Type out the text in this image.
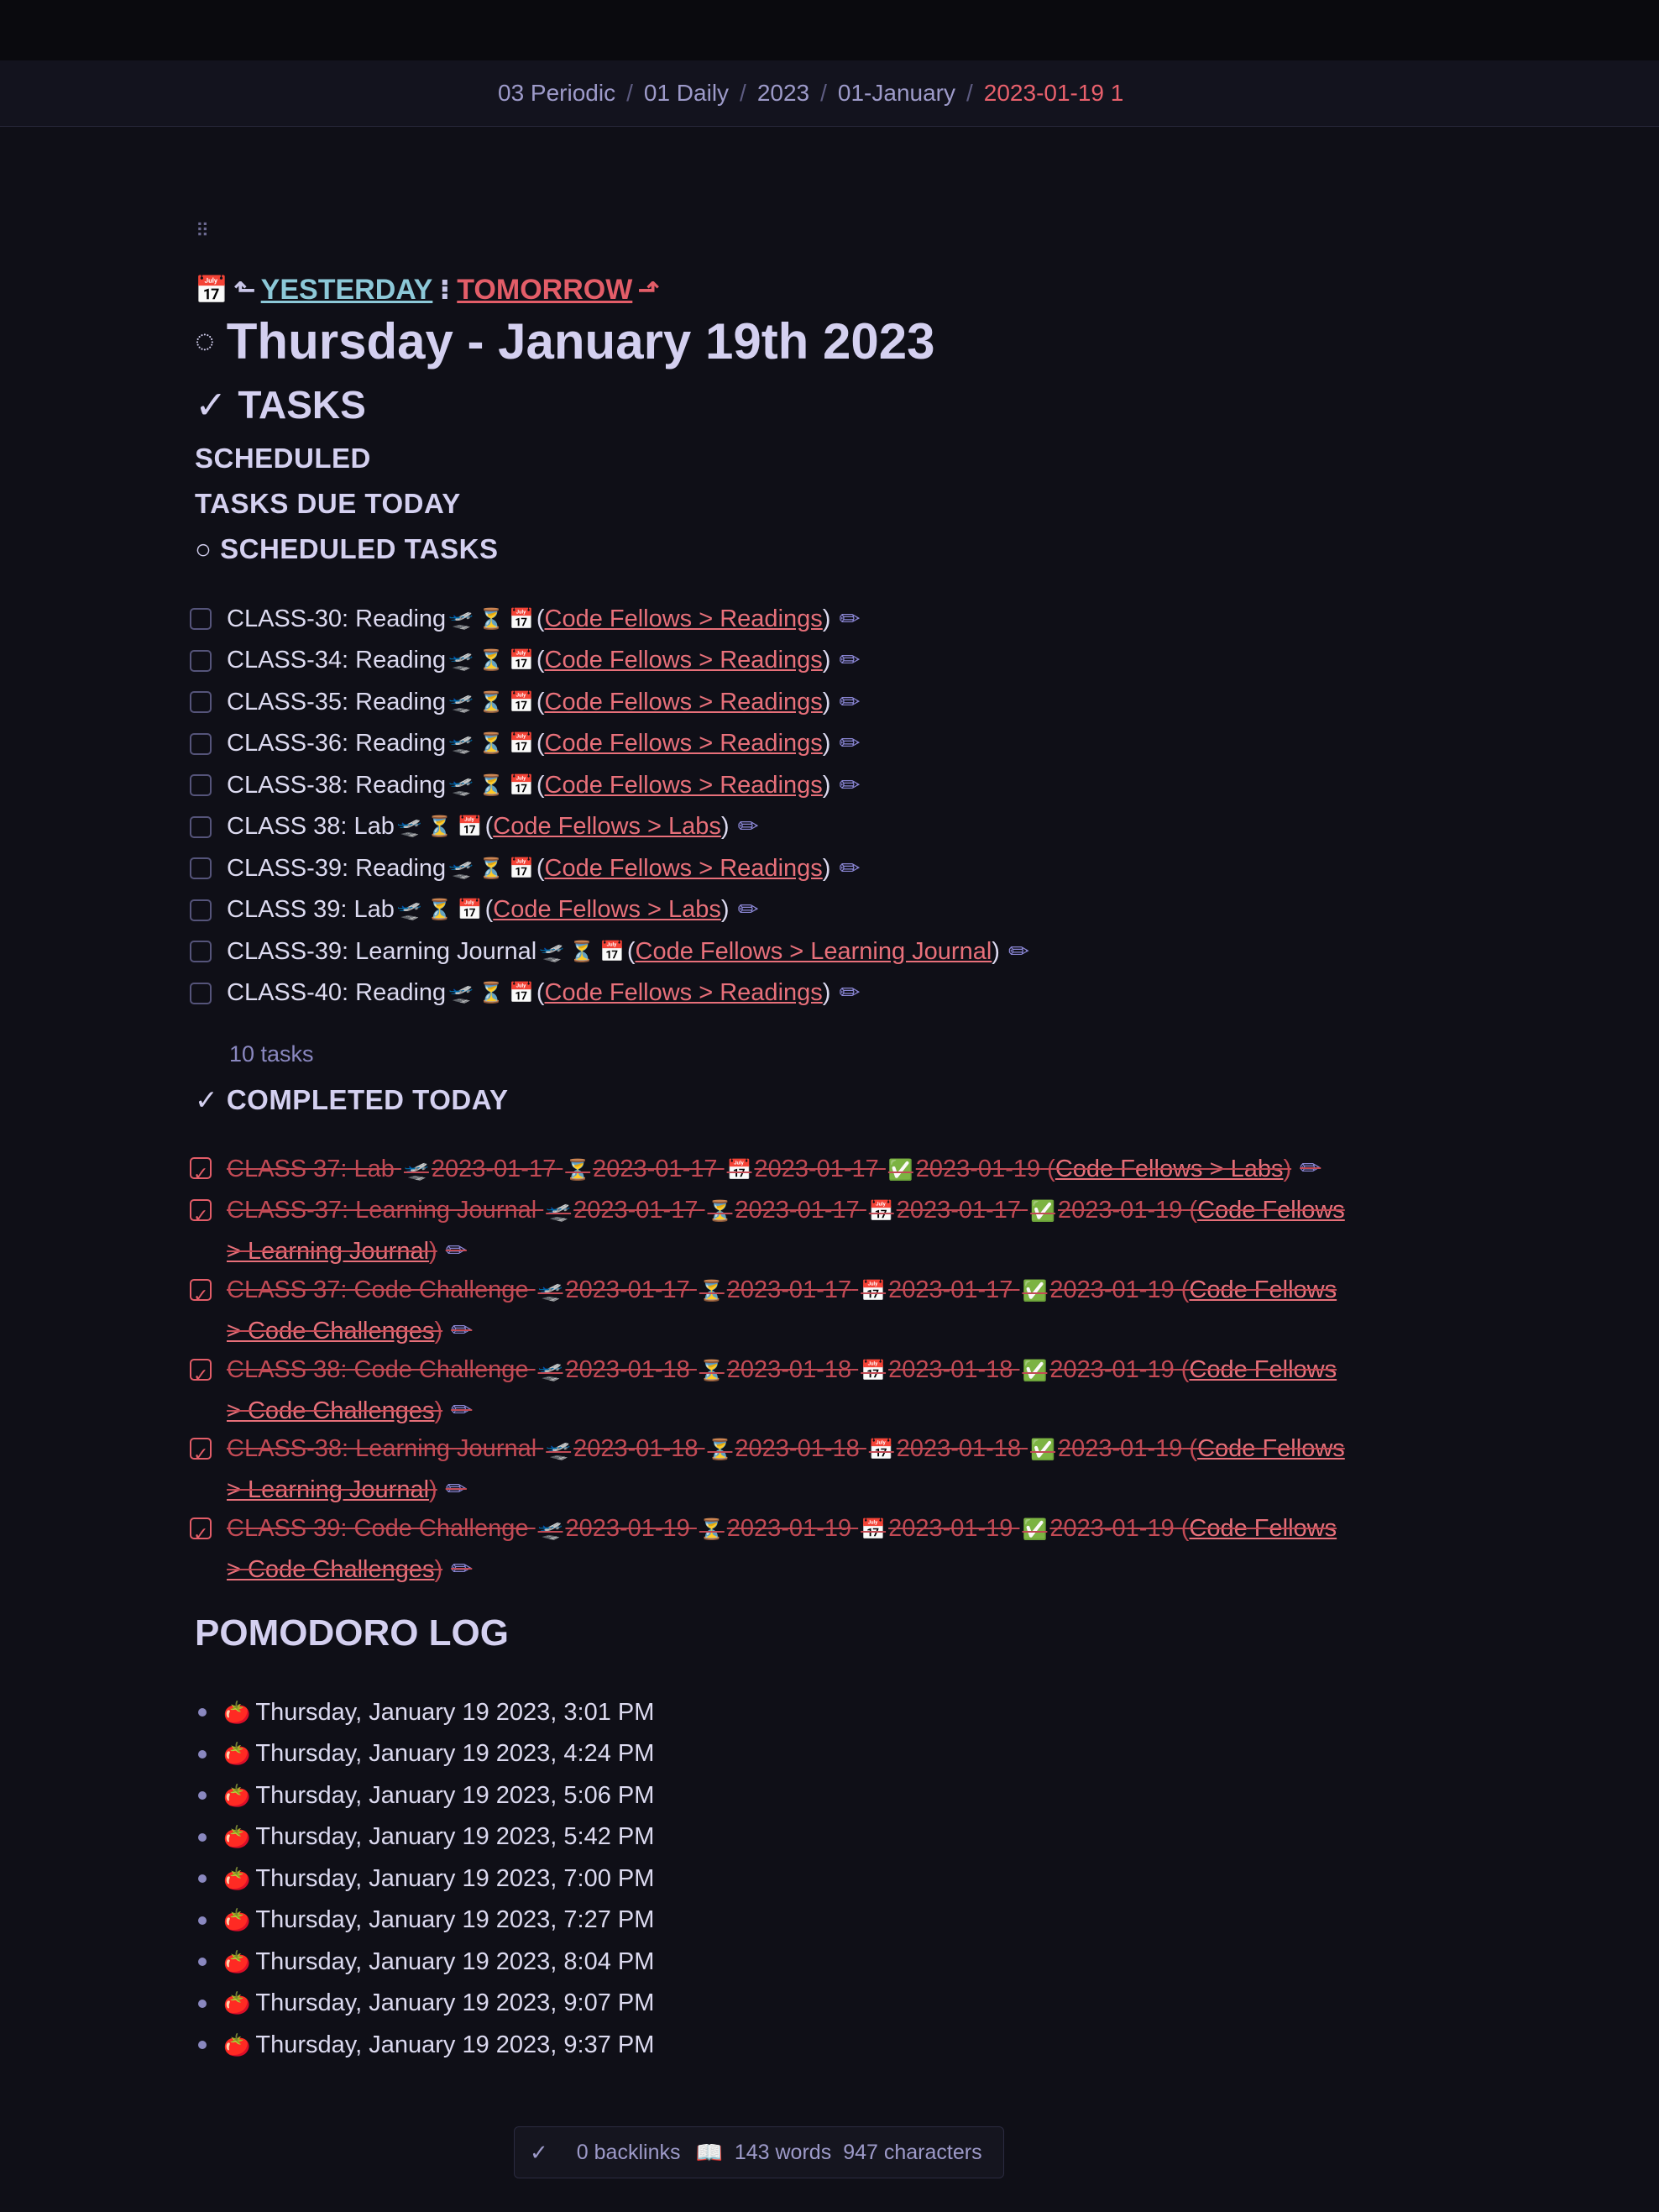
03 Periodic / 01 Daily / 2023 / 01-January / 2023-01-19 1
⠿
📅 ⬑ YESTERDAY ⁝ TOMORROW ⬏
◌ Thursday - January 19th 2023
✓ TASKS
SCHEDULED
TASKS DUE TODAY
○ SCHEDULED TASKS
CLASS-30: Reading 🛫 ⏳ 📅 ( Code Fellows > Readings ) ✏
CLASS-34: Reading 🛫 ⏳ 📅 ( Code Fellows > Readings ) ✏
CLASS-35: Reading 🛫 ⏳ 📅 ( Code Fellows > Readings ) ✏
CLASS-36: Reading 🛫 ⏳ 📅 ( Code Fellows > Readings ) ✏
CLASS-38: Reading 🛫 ⏳ 📅 ( Code Fellows > Readings ) ✏
CLASS 38: Lab 🛫 ⏳ 📅 ( Code Fellows > Labs ) ✏
CLASS-39: Reading 🛫 ⏳ 📅 ( Code Fellows > Readings ) ✏
CLASS 39: Lab 🛫 ⏳ 📅 ( Code Fellows > Labs ) ✏
CLASS-39: Learning Journal 🛫 ⏳ 📅 ( Code Fellows > Learning Journal ) ✏
CLASS-40: Reading 🛫 ⏳ 📅 ( Code Fellows > Readings ) ✏
10 tasks
✓ COMPLETED TODAY
✓
CLASS 37: Lab 🛫 2023-01-17 ⏳ 2023-01-17 📅 2023-01-17 ✅ 2023-01-19 (Code Fellows > Labs) ✏
✓
CLASS-37: Learning Journal 🛫 2023-01-17 ⏳ 2023-01-17 📅 2023-01-17 ✅ 2023-01-19 (Code Fellows > Learning Journal) ✏
✓
CLASS 37: Code Challenge 🛫 2023-01-17 ⏳ 2023-01-17 📅 2023-01-17 ✅ 2023-01-19 (Code Fellows > Code Challenges) ✏
✓
CLASS 38: Code Challenge 🛫 2023-01-18 ⏳ 2023-01-18 📅 2023-01-18 ✅ 2023-01-19 (Code Fellows > Code Challenges) ✏
✓
CLASS-38: Learning Journal 🛫 2023-01-18 ⏳ 2023-01-18 📅 2023-01-18 ✅ 2023-01-19 (Code Fellows > Learning Journal) ✏
✓
CLASS 39: Code Challenge 🛫 2023-01-19 ⏳ 2023-01-19 📅 2023-01-19 ✅ 2023-01-19 (Code Fellows > Code Challenges) ✏
POMODORO LOG
🍅 Thursday, January 19 2023, 3:01 PM
🍅 Thursday, January 19 2023, 4:24 PM
🍅 Thursday, January 19 2023, 5:06 PM
🍅 Thursday, January 19 2023, 5:42 PM
🍅 Thursday, January 19 2023, 7:00 PM
🍅 Thursday, January 19 2023, 7:27 PM
🍅 Thursday, January 19 2023, 8:04 PM
🍅 Thursday, January 19 2023, 9:07 PM
🍅 Thursday, January 19 2023, 9:37 PM
✓ 0 backlinks 📖 143 words 947 characters
